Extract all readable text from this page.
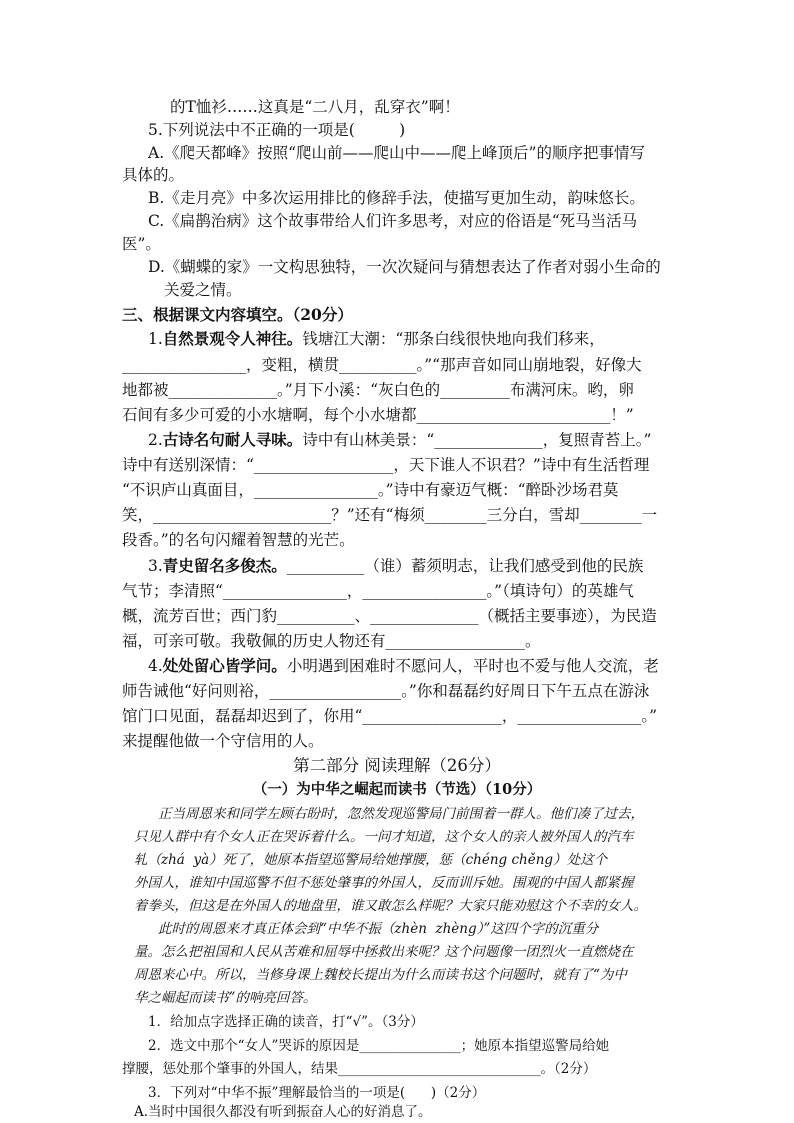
的T恤衫……这真是“二八月，乱穿衣”啊！
5.下列说法中不正确的一项是(         )
A.《爬天都峰》按照“爬山前——爬山中——爬上峰顶后”的顺序把事情写
具体的。
B.《走月亮》中多次运用排比的修辞手法，使描写更加生动，韵味悠长。
C.《扁鹊治病》这个故事带给人们许多思考，对应的俗语是“死马当活马
医”。
D.《蝴蝶的家》一文构思独特，一次次疑问与猜想表达了作者对弱小生命的
关爱之情。
三、根据课文内容填空。（20分）
1.自然景观令人神往。钱塘江大潮：“那条白线很快地向我们移来，
________________，变粗，横贯__________。”“那声音如同山崩地裂，好像大
地都被______________。”月下小溪：“灰白色的_________布满河床。哟，卵
石间有多少可爱的小水塘啊，每个小水塘都_________________________！”
2.古诗名句耐人寻味。诗中有山林美景：“______________，复照青苔上。”
诗中有送别深情：“__________________，天下谁人不识君？”诗中有生活哲理
“不识庐山真面目，________________。”诗中有豪迈气概：“醉卧沙场君莫
笑，_______________________？”还有“梅须________三分白，雪却________一
段香。”的名句闪耀着智慧的光芒。
3.青史留名多俊杰。__________（谁）蓄须明志，让我们感受到他的民族
气节；李清照“________________，________________。”（填诗句）的英雄气
概，流芳百世；西门豹__________、______________（概括主要事迹），为民造
福，可亲可敬。我敬佩的历史人物还有__________________。
4.处处留心皆学问。小明遇到困难时不愿问人，平时也不爱与他人交流，老
师告诫他“好问则裕，_________________。”你和磊磊约好周日下午五点在游泳
馆门口见面，磊磊却迟到了，你用“__________________，________________。”
来提醒他做一个守信用的人。
第二部分 阅读理解（26分）
（一）为中华之崛起而读书（节选）（10分）
正当周恩来和同学左顾右盼时，忽然发现巡警局门前围着一群人。他们凑了过去，
只见人群中有个女人正在哭诉着什么。一问才知道，这个女人的亲人被外国人的汽车
轧（zhá  yà）死了，她原本指望巡警局给她撑腰，惩（chéng chěng）处这个
外国人，谁知中国巡警不但不惩处肇事的外国人，反而训斥她。围观的中国人都紧握
着拳头，但这是在外国人的地盘里，谁又敢怎么样呢？大家只能劝慰这个不幸的女人。
此时的周恩来才真正体会到“中华不振（zhèn  zhèng）”这四个字的沉重分
量。怎么把祖国和人民从苦难和屈辱中拯救出来呢？这个问题像一团烈火一直燃烧在
周恩来心中。所以，当修身课上魏校长提出为什么而读书这个问题时，就有了“为中
华之崛起而读书”的响亮回答。
1．给加点字选择正确的读音，打“√”。（3分）
2．选文中那个“女人”哭诉的原因是_______________；她原本指望巡警局给她
撑腰，惩处那个肇事的外国人，结果______________________________。（2分）
3．下列对“中华不振”理解最恰当的一项是(      )（2分）
A.当时中国很久都没有听到振奋人心的好消息了。
